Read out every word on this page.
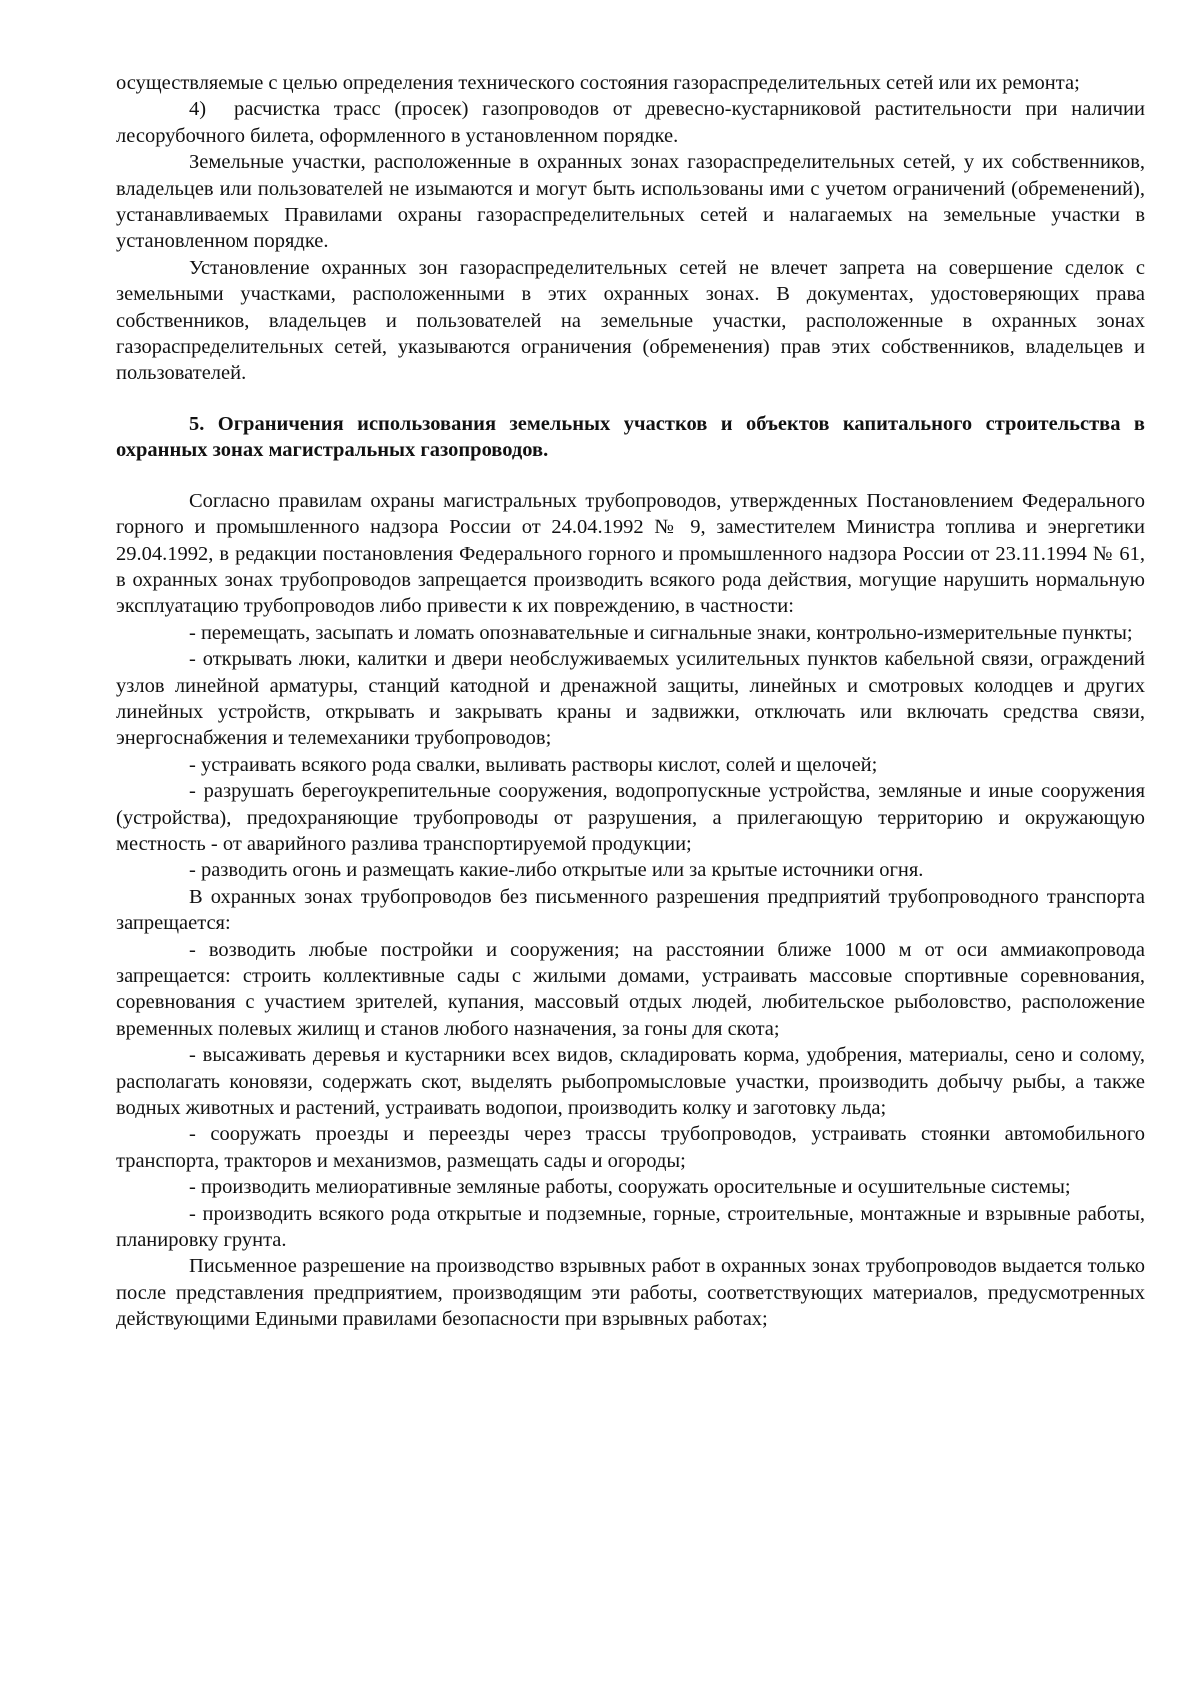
осуществляемые с целью определения технического состояния газораспределительных сетей или их ремонта;

4) расчистка трасс (просек) газопроводов от древесно-кустарниковой растительности при наличии лесорубочного билета, оформленного в установленном порядке.

Земельные участки, расположенные в охранных зонах газораспределительных сетей, у их собственников, владельцев или пользователей не изымаются и могут быть использованы ими с учетом ограничений (обременений), устанавливаемых Правилами охраны газораспределительных сетей и налагаемых на земельные участки в установленном порядке.

Установление охранных зон газораспределительных сетей не влечет запрета на совершение сделок с земельными участками, расположенными в этих охранных зонах. В документах, удостоверяющих права собственников, владельцев и пользователей на земельные участки, расположенные в охранных зонах газораспределительных сетей, указываются ограничения (обременения) прав этих собственников, владельцев и пользователей.

5. Ограничения использования земельных участков и объектов капитального строительства в охранных зонах магистральных газопроводов.

Согласно правилам охраны магистральных трубопроводов, утвержденных Постановлением Федерального горного и промышленного надзора России от 24.04.1992 № 9, заместителем Министра топлива и энергетики 29.04.1992, в редакции постановления Федерального горного и промышленного надзора России от 23.11.1994 № 61, в охранных зонах трубопроводов запрещается производить всякого рода действия, могущие нарушить нормальную эксплуатацию трубопроводов либо привести к их повреждению, в частности:

- перемещать, засыпать и ломать опознавательные и сигнальные знаки, контрольно-измерительные пункты;

- открывать люки, калитки и двери необслуживаемых усилительных пунктов кабельной связи, ограждений узлов линейной арматуры, станций катодной и дренажной защиты, линейных и смотровых колодцев и других линейных устройств, открывать и закрывать краны и задвижки, отключать или включать средства связи, энергоснабжения и телемеханики трубопроводов;

- устраивать всякого рода свалки, выливать растворы кислот, солей и щелочей;

- разрушать берегоукрепительные сооружения, водопропускные устройства, земляные и иные сооружения (устройства), предохраняющие трубопроводы от разрушения, а прилегающую территорию и окружающую местность - от аварийного разлива транспортируемой продукции;

- разводить огонь и размещать какие-либо открытые или за крытые источники огня.

В охранных зонах трубопроводов без письменного разрешения предприятий трубопроводного транспорта запрещается:

- возводить любые постройки и сооружения; на расстоянии ближе 1000 м от оси аммиакопровода запрещается: строить коллективные сады с жилыми домами, устраивать массовые спортивные соревнования, соревнования с участием зрителей, купания, массовый отдых людей, любительское рыболовство, расположение временных полевых жилищ и станов любого назначения, за гоны для скота;

- высаживать деревья и кустарники всех видов, складировать корма, удобрения, материалы, сено и солому, располагать коновязи, содержать скот, выделять рыбопромысловые участки, производить добычу рыбы, а также водных животных и растений, устраивать водопои, производить колку и заготовку льда;

- сооружать проезды и переезды через трассы трубопроводов, устраивать стоянки автомобильного транспорта, тракторов и механизмов, размещать сады и огороды;

- производить мелиоративные земляные работы, сооружать оросительные и осушительные системы;

- производить всякого рода открытые и подземные, горные, строительные, монтажные и взрывные работы, планировку грунта.

Письменное разрешение на производство взрывных работ в охранных зонах трубопроводов выдается только после представления предприятием, производящим эти работы, соответствующих материалов, предусмотренных действующими Едиными правилами безопасности при взрывных работах;
